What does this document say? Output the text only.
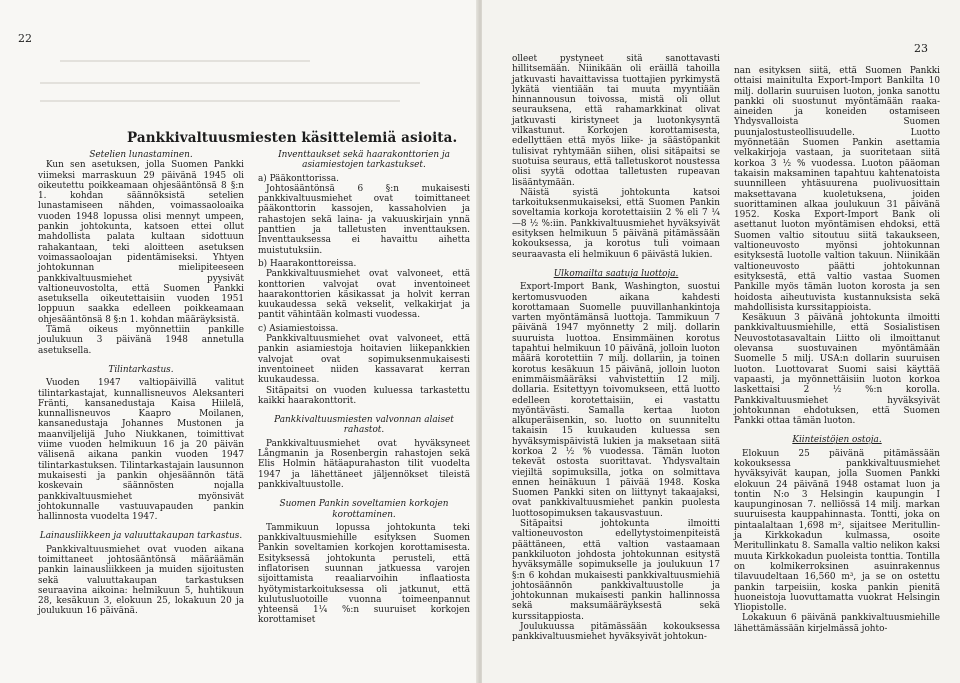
22
Pankkivaltuusmiesten käsittelemiä asioita.

Setelien lunastaminen.

Kun sen asetuksen, jolla Suomen Pankki viimeksi marraskuun 29 päivänä 1945 oli oikeutettu poikkeamaan ohjesääntönsä 8 §:n 1. kohdan säännöksistä setelien lunastamiseen nähden, voimassaoloaika vuoden 1948 lopussa olisi mennyt umpeen, pankin johtokunta, katsoen ettei ollut mahdollista palata kultaan sidottuun rahakantaan, teki aloitteen asetuksen voimassaoloajan pidentämiseksi. Yhtyen johtokunnan mielipiteeseen pankkivaltuusmiehet pyysivät valtioneuvostolta, että Suomen Pankki asetuksella oikeutettaisiin vuoden 1951 loppuun saakka edelleen poikkeamaan ohjesääntönsä 8 §:n 1. kohdan määräyksistä.

Tämä oikeus myönnettiin pankille joulukuun 3 päivänä 1948 annetulla asetuksella.

Tilintarkastus.

Vuoden 1947 valtiopäivillä valitut tilintarkastajat, kunnallisneuvos Aleksanteri Fränti, kansanedustaja Kaisa Hiilelä, kunnallisneuvos Kaapro Moilanen, kansanedustaja Johannes Mustonen ja maanviljelijä Juho Niukkanen, toimittivat viime vuoden helmikuun 16 ja 20 päivän välisenä aikana pankin vuoden 1947 tilintarkastuksen. Tilintarkastajain lausunnon mukaisesti ja pankin ohjesäännön tätä koskevain säännösten nojalla pankkivaltuusmiehet myönsivät johtokunnalle vastuuvapauden pankin hallinnosta vuodelta 1947.

Lainausliikkeen ja valuuttakaupan tarkastus.

Pankkivaltuusmiehet ovat vuoden aikana toimittaneet johtosääntönsä määräämän pankin lainausliikkeen ja muiden sijoitusten sekä valuuttakaupan tarkastuksen seuraavina aikoina: helmikuun 5, huhtikuun 28, kesäkuun 3, elokuun 25, lokakuun 20 ja joulukuun 16 päivänä.

Inventtaukset sekä haarakonttorien ja asiamiestojen tarkastukset.

a) Pääkonttorissa.

Johtosääntönsä 6 §:n mukaisesti pankkivaltuusmiehet ovat toimittaneet pääkonttorin kassojen, kassaholvien ja rahastojen sekä laina- ja vakuuskirjain ynnä panttien ja talletusten inventtauksen. Inventtauksessa ei havaittu aihetta muistutuksiin.

b) Haarakonttoreissa.

Pankkivaltuusmiehet ovat valvoneet, että konttorien valvojat ovat inventoineet haarakonttorien käsikassat ja holvit kerran kuukaudessa sekä vekselit, velkakirjat ja pantit vähintään kolmasti vuodessa.

c) Asiamiestoissa.

Pankkivaltuusmiehet ovat valvoneet, että pankin asiamiestoja hoitavien liikepankkien valvojat ovat sopimuksenmukaisesti inventoineet niiden kassavarat kerran kuukaudessa.

Sitäpaitsi on vuoden kuluessa tarkastettu kaikki haarakonttorit.

Pankkivaltuusmiesten valvonnan alaiset rahastot.

Pankkivaltuusmiehet ovat hyväksyneet Långmanin ja Rosenbergin rahastojen sekä Elis Holmin hätäapurahaston tilit vuodelta 1947 ja lähettäneet jäljennökset tileistä pankkivaltuustolle.

Suomen Pankin soveltamien korkojen korottaminen.

Tammikuun lopussa johtokunta teki pankkivaltuusmiehille esityksen Suomen Pankin soveltamien korkojen korottamisesta. Esityksessä johtokunta perusteli, että inflatorisen suunnan jatkuessa varojen sijoittamista reaaliarvoihin inflaatiosta hyötymistarkoituksessa oli jatkunut, että kulutusluotoille vuonna toimeenpannut yhteensä 1¼ %:n suuruiset korkojen korottamiset

23

olleet pystyneet sitä sanottavasti hillitsemään. Niinikään oli eräillä tahoilla jatkuvasti havaittavissa tuottajien pyrkimystä lykätä vientiään tai muuta myyntiään hinnannousun toivossa, mistä oli ollut seurauksena, että rahamarkkinat olivat jatkuvasti kiristyneet ja luotonkysyntä vilkastunut. Korkojen korottamisesta, edellyttäen että myös liike- ja säästöpankit tulisivat ryhtymään siihen, olisi sitäpaitsi se suotuisa seuraus, että talletuskorot noustessa olisi syytä odottaa talletusten rupeavan lisääntymään.

Näistä syistä johtokunta katsoi tarkoituksenmukaiseksi, että Suomen Pankin soveltamia korkoja korotettaisiin 2 % eli 7 ¼—8 ½ %:iin. Pankkivaltuusmiehet hyväksyivät esityksen helmikuun 5 päivänä pitämässään kokouksessa, ja korotus tuli voimaan seuraavasta eli helmikuun 6 päivästä lukien.

Ulkomailta saatuja luottoja.

Export-Import Bank, Washington, suostui kertomusvuoden aikana kahdesti korottamaan Suomelle puuvillanhankintoja varten myöntämänsä luottoja. Tammikuun 7 päivänä 1947 myönnetty 2 milj. dollarin suuruista luottoa. Ensimmäinen korotus tapahtui helmikuun 10 päivänä, jolloin luoton määrä korotettiin 7 milj. dollariin, ja toinen korotus kesäkuun 15 päivänä, jolloin luoton enimmäismääräksi vahvistettiin 12 milj. dollaria. Esitettyyn toivomukseen, että luotto edelleen korotettaisiin, ei vastattu myöntävästi. Samalla kertaa luoton alkuperäisenkin, so. luotto on suunniteltu takaisin 15 kuukauden kuluessa sen hyväksymispäivistä lukien ja maksetaan siitä korkoa 2 ½ % vuodessa. Tämän luoton tekevät ostosta suorittavat. Yhdysvaltain viejiltä sopimuksilla, jotka on solmittava ennen heinäkuun 1 päivää 1948. Koska Suomen Pankki siten on liittynyt takaajaksi, ovat pankkivaltuusmiehet pankin puolesta luottosopimuksen takausvastuun.

Sitäpaitsi johtokunta ilmoitti valtioneuvoston edellytystoimenpiteistä päättäneen, että valtion vastaamaan pankkiluoton johdosta johtokunnan esitystä hyväksymälle sopimukselle ja joulukuun 17 §:n 6 kohdan mukaisesti pankkivaltuusmiehiä johtosäännön pankkivaltuustolle ja johtokunnan mukaisesti pankin hallinnossa sekä maksumääräyksestä sekä kurssitappiosta.

Joulukuussa pitämässään kokouksessa pankkivaltuusmiehet hyväksyivät johtokun-

nan esityksen siitä, että Suomen Pankki ottaisi mainitulta Export-Import Bankilta 10 milj. dollarin suuruisen luoton, jonka sanottu pankki oli suostunut myöntämään raaka-aineiden ja koneiden ostamiseen Yhdysvalloista Suomen puunjalostusteollisuudelle. Luotto myönnetään Suomen Pankin asettamia velkakirjoja vastaan, ja suoritetaan siitä korkoa 3 ½ % vuodessa. Luoton pääoman takaisin maksaminen tapahtuu kahtenatoista suunnilleen yhtäsuurena puolivuosittain maksettavana kuoletuksena, joiden suorittaminen alkaa joulukuun 31 päivänä 1952. Koska Export-Import Bank oli asettanut luoton myöntämisen ehdoksi, että Suomen valtio sitoutuu siitä takaukseen, valtioneuvosto myönsi johtokunnan esityksestä luotolle valtion takuun. Niinikään valtioneuvosto päätti johtokunnan esityksestä, että valtio vastaa Suomen Pankille myös tämän luoton korosta ja sen hoidosta aiheutuvista kustannuksista sekä mahdollisista kurssitappioista.

Kesäkuun 3 päivänä johtokunta ilmoitti pankkivaltuusmiehille, että Sosialistisen Neuvostotasavaltain Liitto oli ilmoittanut olevansa suostuvainen myöntämään Suomelle 5 milj. USA:n dollarin suuruisen luoton. Luottovarat Suomi saisi käyttää vapaasti, ja myönnettäisiin luoton korkoa laskettaisi 2 ½ %:n korolla. Pankkivaltuusmiehet hyväksyivät johtokunnan ehdotuksen, että Suomen Pankki ottaa tämän luoton.

Kiinteistöjen ostoja.

Elokuun 25 päivänä pitämässään kokouksessa pankkivaltuusmiehet hyväksyivät kaupan, jolla Suomen Pankki elokuun 24 päivänä 1948 ostamat luon ja tontin N:o 3 Helsingin kaupungin I kaupunginosan 7. nelliössä 14 milj. markan suuruisesta kauppahinnasta. Tontti, joka on pintaalaltaan 1,698 m², sijaitsee Meritullin- ja Kirkkokadun kulmassa, osoite Meritullinkatu 8. Samalla valtio nelikon kaksi muuta Kirkkokadun puoleista tonttia. Tontilla on kolmikerroksinen asuinrakennus tilavuudeltaan 16,560 m³, ja se on ostettu pankin tarpeisiin, koska pankin pienitä huoneistoja luovuttamatta vuokrat Helsingin Yliopistolle.

Lokakuun 6 päivänä pankkivaltuusmiehille lähettämässään kirjelmässä johto-
